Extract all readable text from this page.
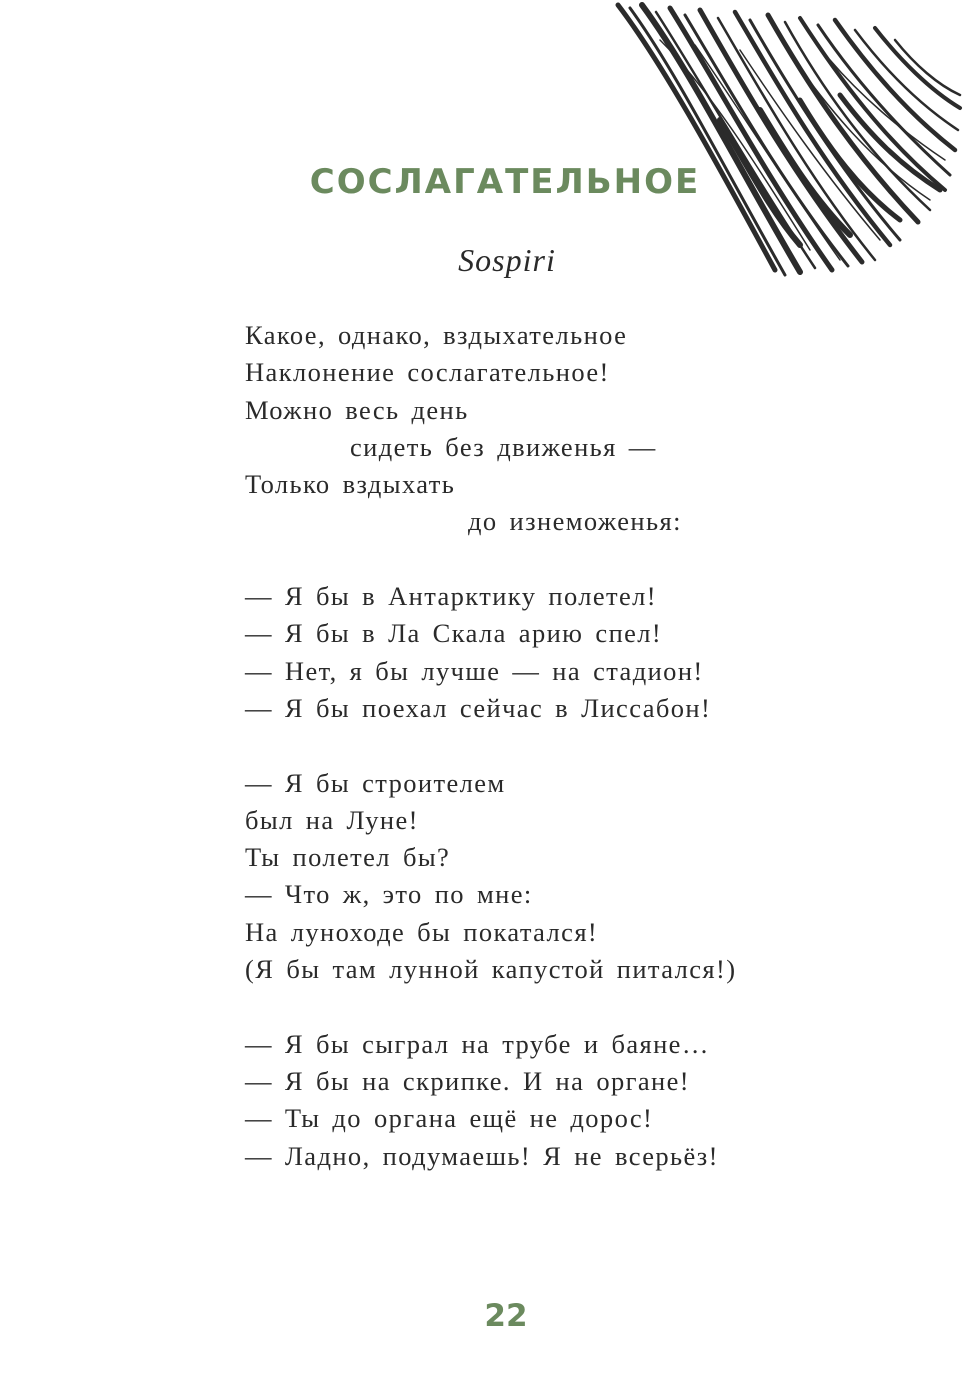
СОСЛАГАТЕЛЬНОЕ
Sospiri
Какое, однако, вздыхательное
Наклонение сослагательное!
Можно весь день
сидеть без движенья —
Только вздыхать
до изнеможенья:
— Я бы в Антарктику полетел!
— Я бы в Ла Скала арию спел!
— Нет, я бы лучше — на стадион!
— Я бы поехал сейчас в Лиссабон!
— Я бы строителем
был на Луне!
Ты полетел бы?
— Что ж, это по мне:
На луноходе бы покатался!
(Я бы там лунной капустой питался!)
— Я бы сыграл на трубе и баяне…
— Я бы на скрипке. И на органе!
— Ты до органа ещё не дорос!
— Ладно, подумаешь! Я не всерьёз!
22
